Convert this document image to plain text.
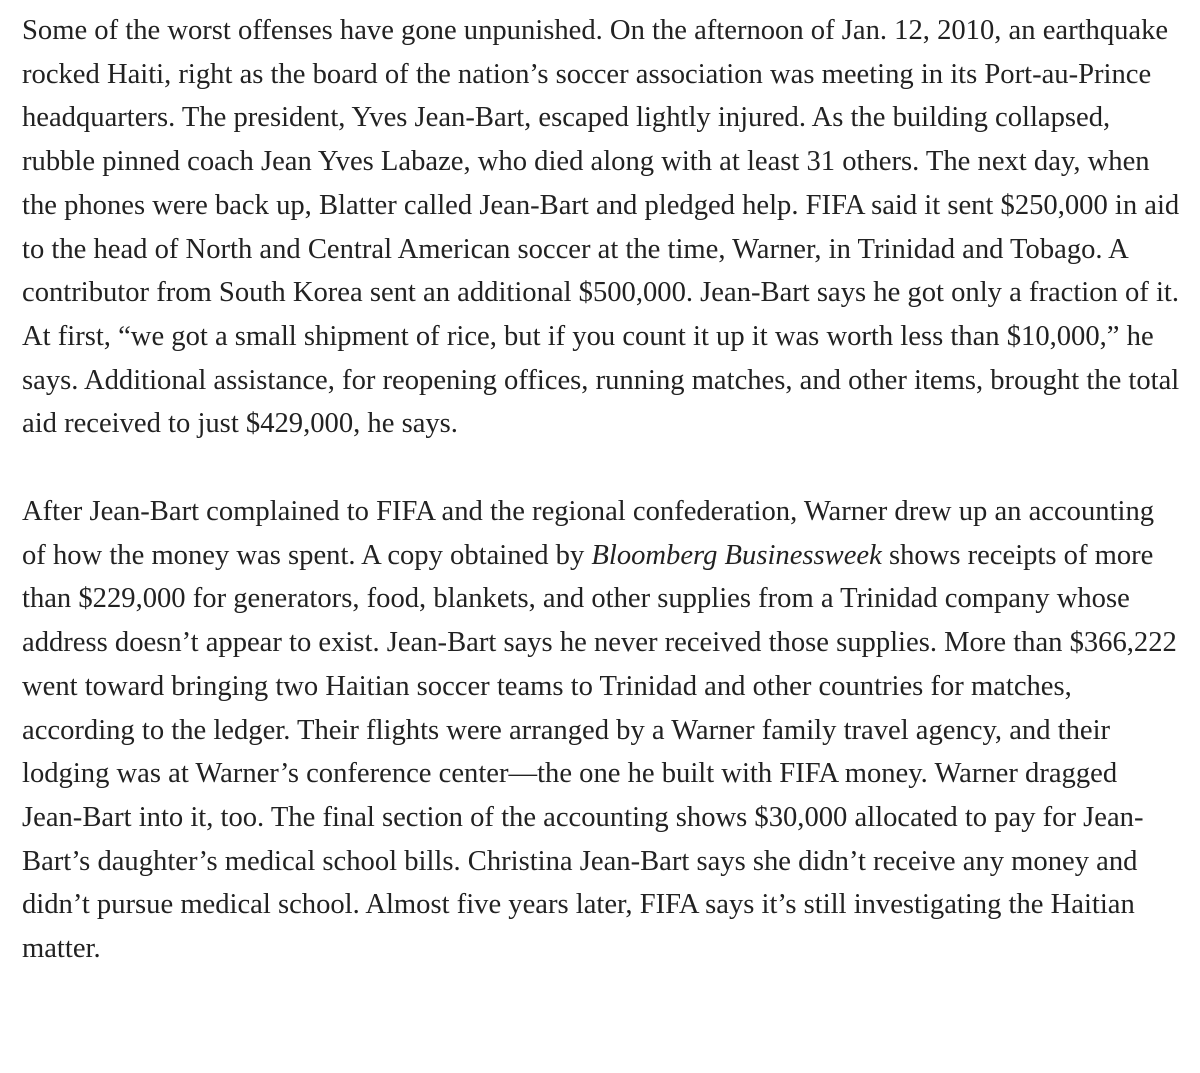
Some of the worst offenses have gone unpunished. On the afternoon of Jan. 12, 2010, an earthquake rocked Haiti, right as the board of the nation’s soccer association was meeting in its Port-au-Prince headquarters. The president, Yves Jean-Bart, escaped lightly injured. As the building collapsed, rubble pinned coach Jean Yves Labaze, who died along with at least 31 others. The next day, when the phones were back up, Blatter called Jean-Bart and pledged help. FIFA said it sent $250,000 in aid to the head of North and Central American soccer at the time, Warner, in Trinidad and Tobago. A contributor from South Korea sent an additional $500,000. Jean-Bart says he got only a fraction of it. At first, “we got a small shipment of rice, but if you count it up it was worth less than $10,000,” he says. Additional assistance, for reopening offices, running matches, and other items, brought the total aid received to just $429,000, he says.

After Jean-Bart complained to FIFA and the regional confederation, Warner drew up an accounting of how the money was spent. A copy obtained by Bloomberg Businessweek shows receipts of more than $229,000 for generators, food, blankets, and other supplies from a Trinidad company whose address doesn’t appear to exist. Jean-Bart says he never received those supplies. More than $366,222 went toward bringing two Haitian soccer teams to Trinidad and other countries for matches, according to the ledger. Their flights were arranged by a Warner family travel agency, and their lodging was at Warner’s conference center—the one he built with FIFA money. Warner dragged Jean-Bart into it, too. The final section of the accounting shows $30,000 allocated to pay for Jean-Bart’s daughter’s medical school bills. Christina Jean-Bart says she didn’t receive any money and didn’t pursue medical school. Almost five years later, FIFA says it’s still investigating the Haitian matter.
